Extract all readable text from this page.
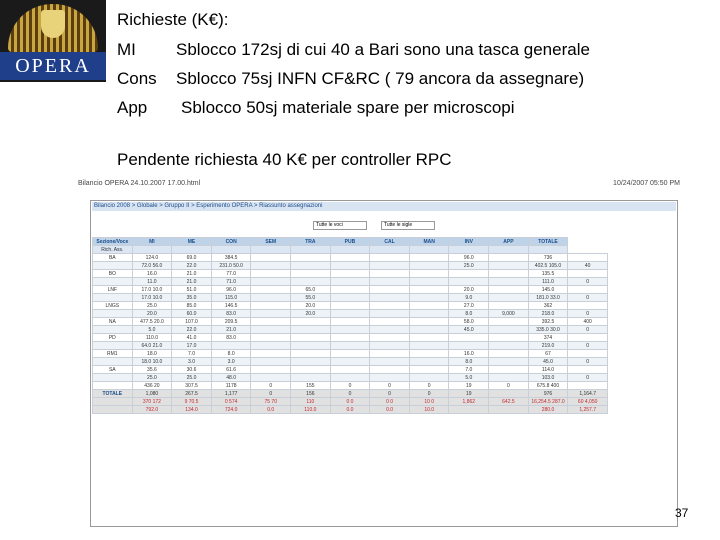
OPERA
Richieste (K€):
MI Sblocco 172sj di cui 40 a Bari sono una tasca generale
Cons Sblocco 75sj INFN CF&RC ( 79 ancora da assegnare)
App Sblocco 50sj materiale spare per microscopi
Pendente richiesta 40 K€ per controller RPC
Bilancio OPERA 24.10.2007 17.00.html	10/24/2007 05:50 PM
Bilancio 2008 > Globale > Gruppo II > Esperimento OPERA > Riassunto assegnazioni
Tutte le voci	Tutte le sigle
Sezione/Voce	MI	ME	CON	SEM	TRA	PUB	CAL	MAN	INV	APP	TOTALE	
Rich. Ass.												
BA	124.0	69.0	384.5						96.0		736	
	72.0 56.0	22.0	231.0 50.0						25.0		402.5 105.0	40
BO	16.0	21.0	77.0								135.5	
	11.0	21.0	71.0								111.0	0
LNF	17.0 10.0	51.0	96.0		65.0				20.0		145.0	
	17.0 10.0	35.0	115.0		55.0				9.0		181.0 33.0	0
LNGS	25.0	85.0	146.5		20.0				27.0		362	
	20.0	60.0	83.0		20.0				8.0	9,000	218.0	0
NA	477.5 20.0	107.0	209.5						58.0		392.5	400
	5.0	22.0	21.0						45.0		335.0 30.0	0
PD	110.0	41.0	83.0								374	
	64.0 21.0	17.0									219.0	0
RM1	18.0	7.0	8.0						16.0		67	
	18.0 10.0	3.0	3.0						8.0		45.0	0
SA	35.6	30.6	61.6						7.0		114.0	
	25.0	25.0	48.0						5.0		103.0	0
	436 20	307.5	1178	0	155	0	0	0	19	0	675.8 400	
TOTALE	1,080	267.5	1,177	0	156	0	0	0	19		976	1,164.7
	370 172	9 70.5	0 574	75 70	110	0 0	0 0	10 0	1,862	642.5	16,254.5 287.0	60 4,050
	792.0	134.0	724.0	0.0	110.0	0.0	0.0	10.0			280.0	1,257.7
37
